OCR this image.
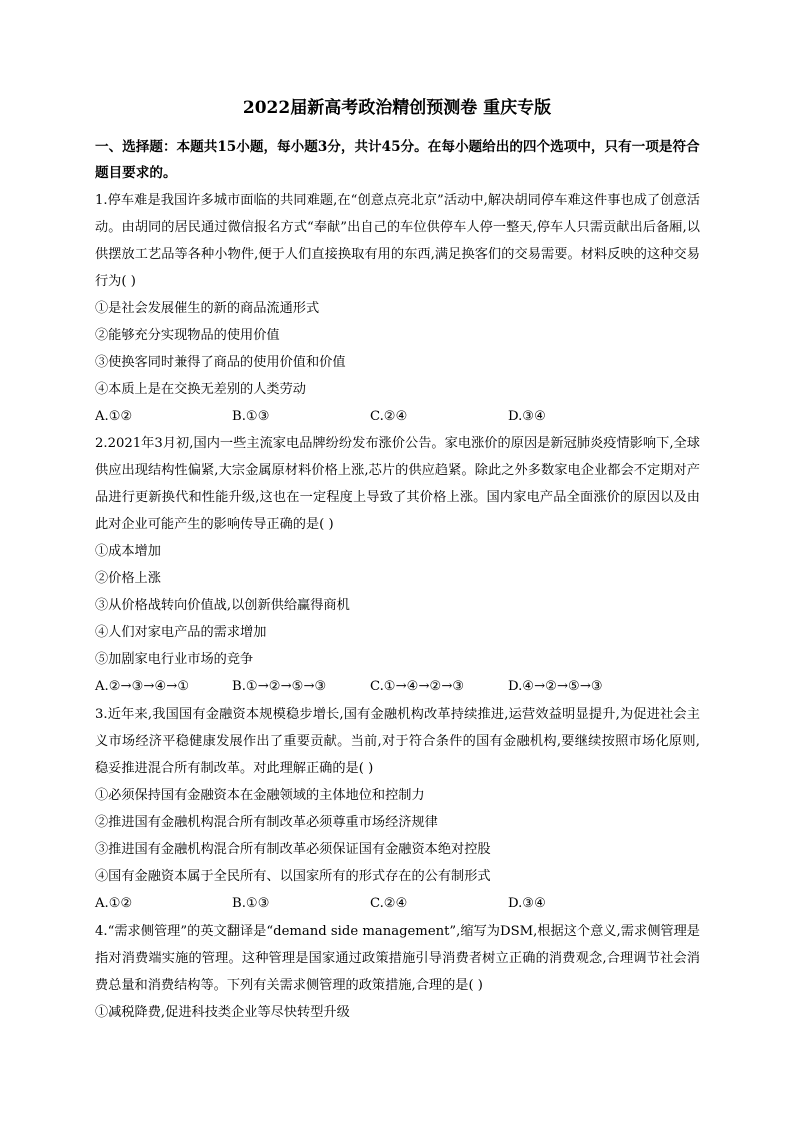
2022届新高考政治精创预测卷 重庆专版
一、选择题：本题共15小题，每小题3分，共计45分。在每小题给出的四个选项中，只有一项是符合题目要求的。
1.停车难是我国许多城市面临的共同难题,在“创意点亮北京”活动中,解决胡同停车难这件事也成了创意活动。由胡同的居民通过微信报名方式“奉献”出自己的车位供停车人停一整天,停车人只需贡献出后备厢,以供摆放工艺品等各种小物件,便于人们直接换取有用的东西,满足换客们的交易需要。材料反映的这种交易行为( )
①是社会发展催生的新的商品流通形式
②能够充分实现物品的使用价值
③使换客同时兼得了商品的使用价值和价值
④本质上是在交换无差别的人类劳动
A.①②	B.①③	C.②④	D.③④
2.2021年3月初,国内一些主流家电品牌纷纷发布涨价公告。家电涨价的原因是新冠肺炎疫情影响下,全球供应出现结构性偏紧,大宗金属原材料价格上涨,芯片的供应趋紧。除此之外多数家电企业都会不定期对产品进行更新换代和性能升级,这也在一定程度上导致了其价格上涨。国内家电产品全面涨价的原因以及由此对企业可能产生的影响传导正确的是( )
①成本增加
②价格上涨
③从价格战转向价值战,以创新供给赢得商机
④人们对家电产品的需求增加
⑤加剧家电行业市场的竞争
A.②→③→④→①	B.①→②→⑤→③	C.①→④→②→③	D.④→②→⑤→③
3.近年来,我国国有金融资本规模稳步增长,国有金融机构改革持续推进,运营效益明显提升,为促进社会主义市场经济平稳健康发展作出了重要贡献。当前,对于符合条件的国有金融机构,要继续按照市场化原则,稳妥推进混合所有制改革。对此理解正确的是( )
①必须保持国有金融资本在金融领域的主体地位和控制力
②推进国有金融机构混合所有制改革必须尊重市场经济规律
③推进国有金融机构混合所有制改革必须保证国有金融资本绝对控股
④国有金融资本属于全民所有、以国家所有的形式存在的公有制形式
A.①②	B.①③	C.②④	D.③④
4.“需求侧管理”的英文翻译是“demand side management”,缩写为DSM,根据这个意义,需求侧管理是指对消费端实施的管理。这种管理是国家通过政策措施引导消费者树立正确的消费观念,合理调节社会消费总量和消费结构等。下列有关需求侧管理的政策措施,合理的是( )
①减税降费,促进科技类企业等尽快转型升级
